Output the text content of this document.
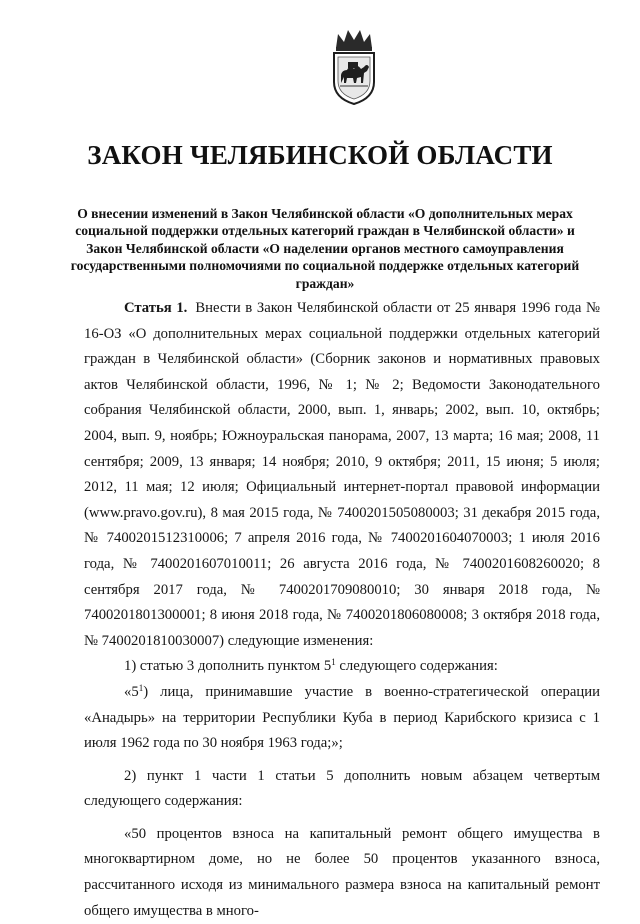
ЗАКОН ЧЕЛЯБИНСКОЙ ОБЛАСТИ
О внесении изменений в Закон Челябинской области «О дополнительных мерах социальной поддержки отдельных категорий граждан в Челябинской области» и Закон Челябинской области «О наделении органов местного самоуправления государственными полномочиями по социальной поддержке отдельных категорий граждан»

Статья 1. Внести в Закон Челябинской области от 25 января 1996 года № 16-ОЗ «О дополнительных мерах социальной поддержки отдельных категорий граждан в Челябинской области» (Сборник законов и нормативных правовых актов Челябинской области, 1996, № 1; № 2; Ведомости Законодательного собрания Челябинской области, 2000, вып. 1, январь; 2002, вып. 10, октябрь; 2004, вып. 9, ноябрь; Южноуральская панорама, 2007, 13 марта; 16 мая; 2008, 11 сентября; 2009, 13 января; 14 ноября; 2010, 9 октября; 2011, 15 июня; 5 июля; 2012, 11 мая; 12 июля; Официальный интернет-портал правовой информации (www.pravo.gov.ru), 8 мая 2015 года, № 7400201505080003; 31 декабря 2015 года, № 7400201512310006; 7 апреля 2016 года, № 7400201604070003; 1 июля 2016 года, № 7400201607010011; 26 августа 2016 года, № 7400201608260020; 8 сентября 2017 года, № 7400201709080010; 30 января 2018 года, № 7400201801300001; 8 июня 2018 года, № 7400201806080008; 3 октября 2018 года, № 7400201810030007) следующие изменения:

1) статью 3 дополнить пунктом $5^1$ следующего содержания:

«$5^1$) лица, принимавшие участие в военно-стратегической операции «Анадырь» на территории Республики Куба в период Карибского кризиса с 1 июля 1962 года по 30 ноября 1963 года;»;

2) пункт 1 части 1 статьи 5 дополнить новым абзацем четвертым следующего содержания:

«50 процентов взноса на капитальный ремонт общего имущества в многоквартирном доме, но не более 50 процентов указанного взноса, рассчитанного исходя из минимального размера взноса на капитальный ремонт общего имущества в много-
